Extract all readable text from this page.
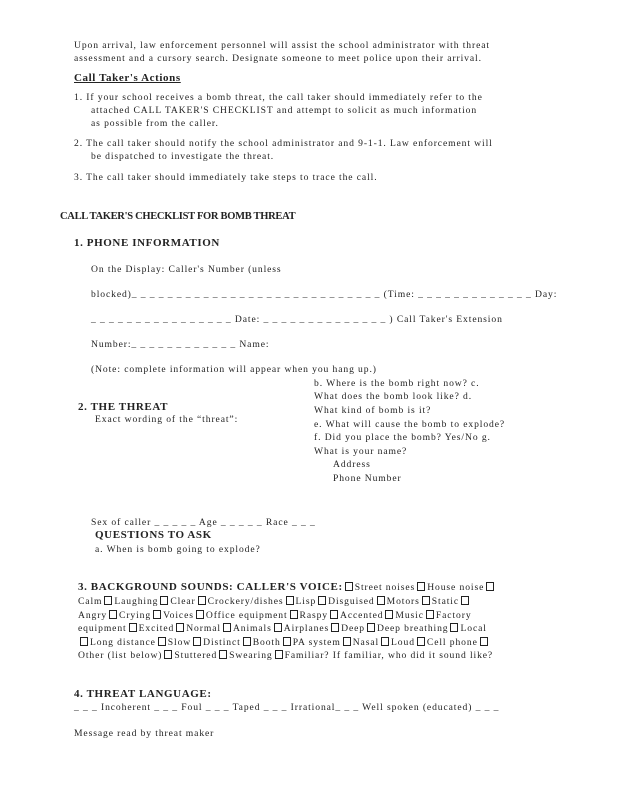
Upon arrival, law enforcement personnel will assist the school administrator with threat
assessment and a cursory search. Designate someone to meet police upon their arrival.
Call Taker's Actions
1. If your school receives a bomb threat, the call taker should immediately refer to the
attached CALL TAKER'S CHECKLIST and attempt to solicit as much information
as possible from the caller.
2. The call taker should notify the school administrator and 9-1-1. Law enforcement will
be dispatched to investigate the threat.
3. The call taker should immediately take steps to trace the call.
CALL TAKER'S CHECKLIST FOR BOMB THREAT
1. PHONE INFORMATION
On the Display: Caller's Number (unless
blocked)_ _ _ _ _ _ _ _ _ _ _ _ _ _ _ _ _ _ _ _ _ _ _ _ _ _ _ _ (Time: _ _ _ _ _ _ _ _ _ _ _ _ _ Day:
_ _ _ _ _ _ _ _ _ _ _ _ _ _ _ _ Date: _ _ _ _ _ _ _ _ _ _ _ _ _ _ ) Call Taker's Extension
Number:_ _ _ _ _ _ _ _ _ _ _ _ Name:
(Note: complete information will appear when you hang up.)
b. Where is the bomb right now? c.
What does the bomb look like? d.
2. THE THREAT	What kind of bomb is it?
Exact wording of the “threat”:	e. What will cause the bomb to explode?
f. Did you place the bomb? Yes/No g.
What is your name?
Address
Phone Number
Sex of caller _ _ _ _ _ Age _ _ _ _ _ Race _ _ _
QUESTIONS TO ASK
a. When is bomb going to explode?
3. BACKGROUND SOUNDS: CALLER'S VOICE: Street noises House noise
Calm Laughing Clear Crockery/dishes Lisp Disguised Motors Static
Angry Crying Voices Office equipment Raspy Accented Music Factory
equipment Excited Normal Animals Airplanes Deep Deep breathing Local
Long distance Slow Distinct Booth PA system Nasal Loud Cell phone
Other (list below) Stuttered Swearing Familiar? If familiar, who did it sound like?
4. THREAT LANGUAGE:
_ _ _ Incoherent _ _ _ Foul _ _ _ Taped _ _ _ Irrational_ _ _ Well spoken (educated) _ _ _
Message read by threat maker
